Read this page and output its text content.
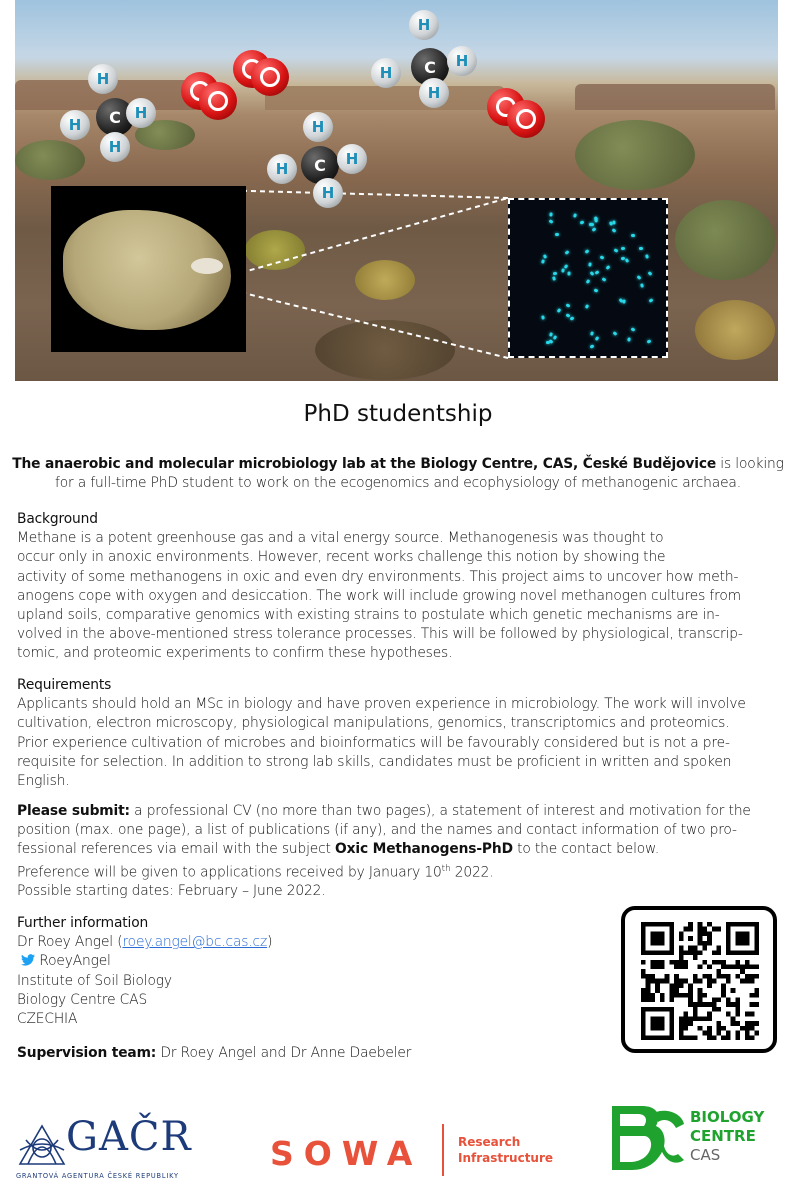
C
H
H
H
H
C
H
H
H
H
C
H
H
H
H
PhD studentship
The anaerobic and molecular microbiology lab at the Biology Centre, CAS, České Budějovice is looking
for a full-time PhD student to work on the ecogenomics and ecophysiology of methanogenic archaea.
Background
Methane is a potent greenhouse gas and a vital energy source. Methanogenesis was thought to
occur only in anoxic environments. However, recent works challenge this notion by showing the
activity of some methanogens in oxic and even dry environments. This project aims to uncover how meth-
anogens cope with oxygen and desiccation. The work will include growing novel methanogen cultures from
upland soils, comparative genomics with existing strains to postulate which genetic mechanisms are in-
volved in the above-mentioned stress tolerance processes. This will be followed by physiological, transcrip-
tomic, and proteomic experiments to confirm these hypotheses.
Requirements
Applicants should hold an MSc in biology and have proven experience in microbiology. The work will involve
cultivation, electron microscopy, physiological manipulations, genomics, transcriptomics and proteomics.
Prior experience cultivation of microbes and bioinformatics will be favourably considered but is not a pre-
requisite for selection. In addition to strong lab skills, candidates must be proficient in written and spoken
English.
Please submit: a professional CV (no more than two pages), a statement of interest and motivation for the
position (max. one page), a list of publications (if any), and the names and contact information of two pro-
fessional references via email with the subject Oxic Methanogens-PhD to the contact below.
Preference will be given to applications received by January 10th 2022.
Possible starting dates: February – June 2022.
Further information
Dr Roey Angel (roey.angel@bc.cas.cz)
RoeyAngel
Institute of Soil Biology
Biology Centre CAS
CZECHIA
Supervision team: Dr Roey Angel and Dr Anne Daebeler
GAČR
GRANTOVÁ AGENTURA ČESKÉ REPUBLIKY
SOWA	Research
Infrastructure
BIOLOGY
CENTRE
CAS
